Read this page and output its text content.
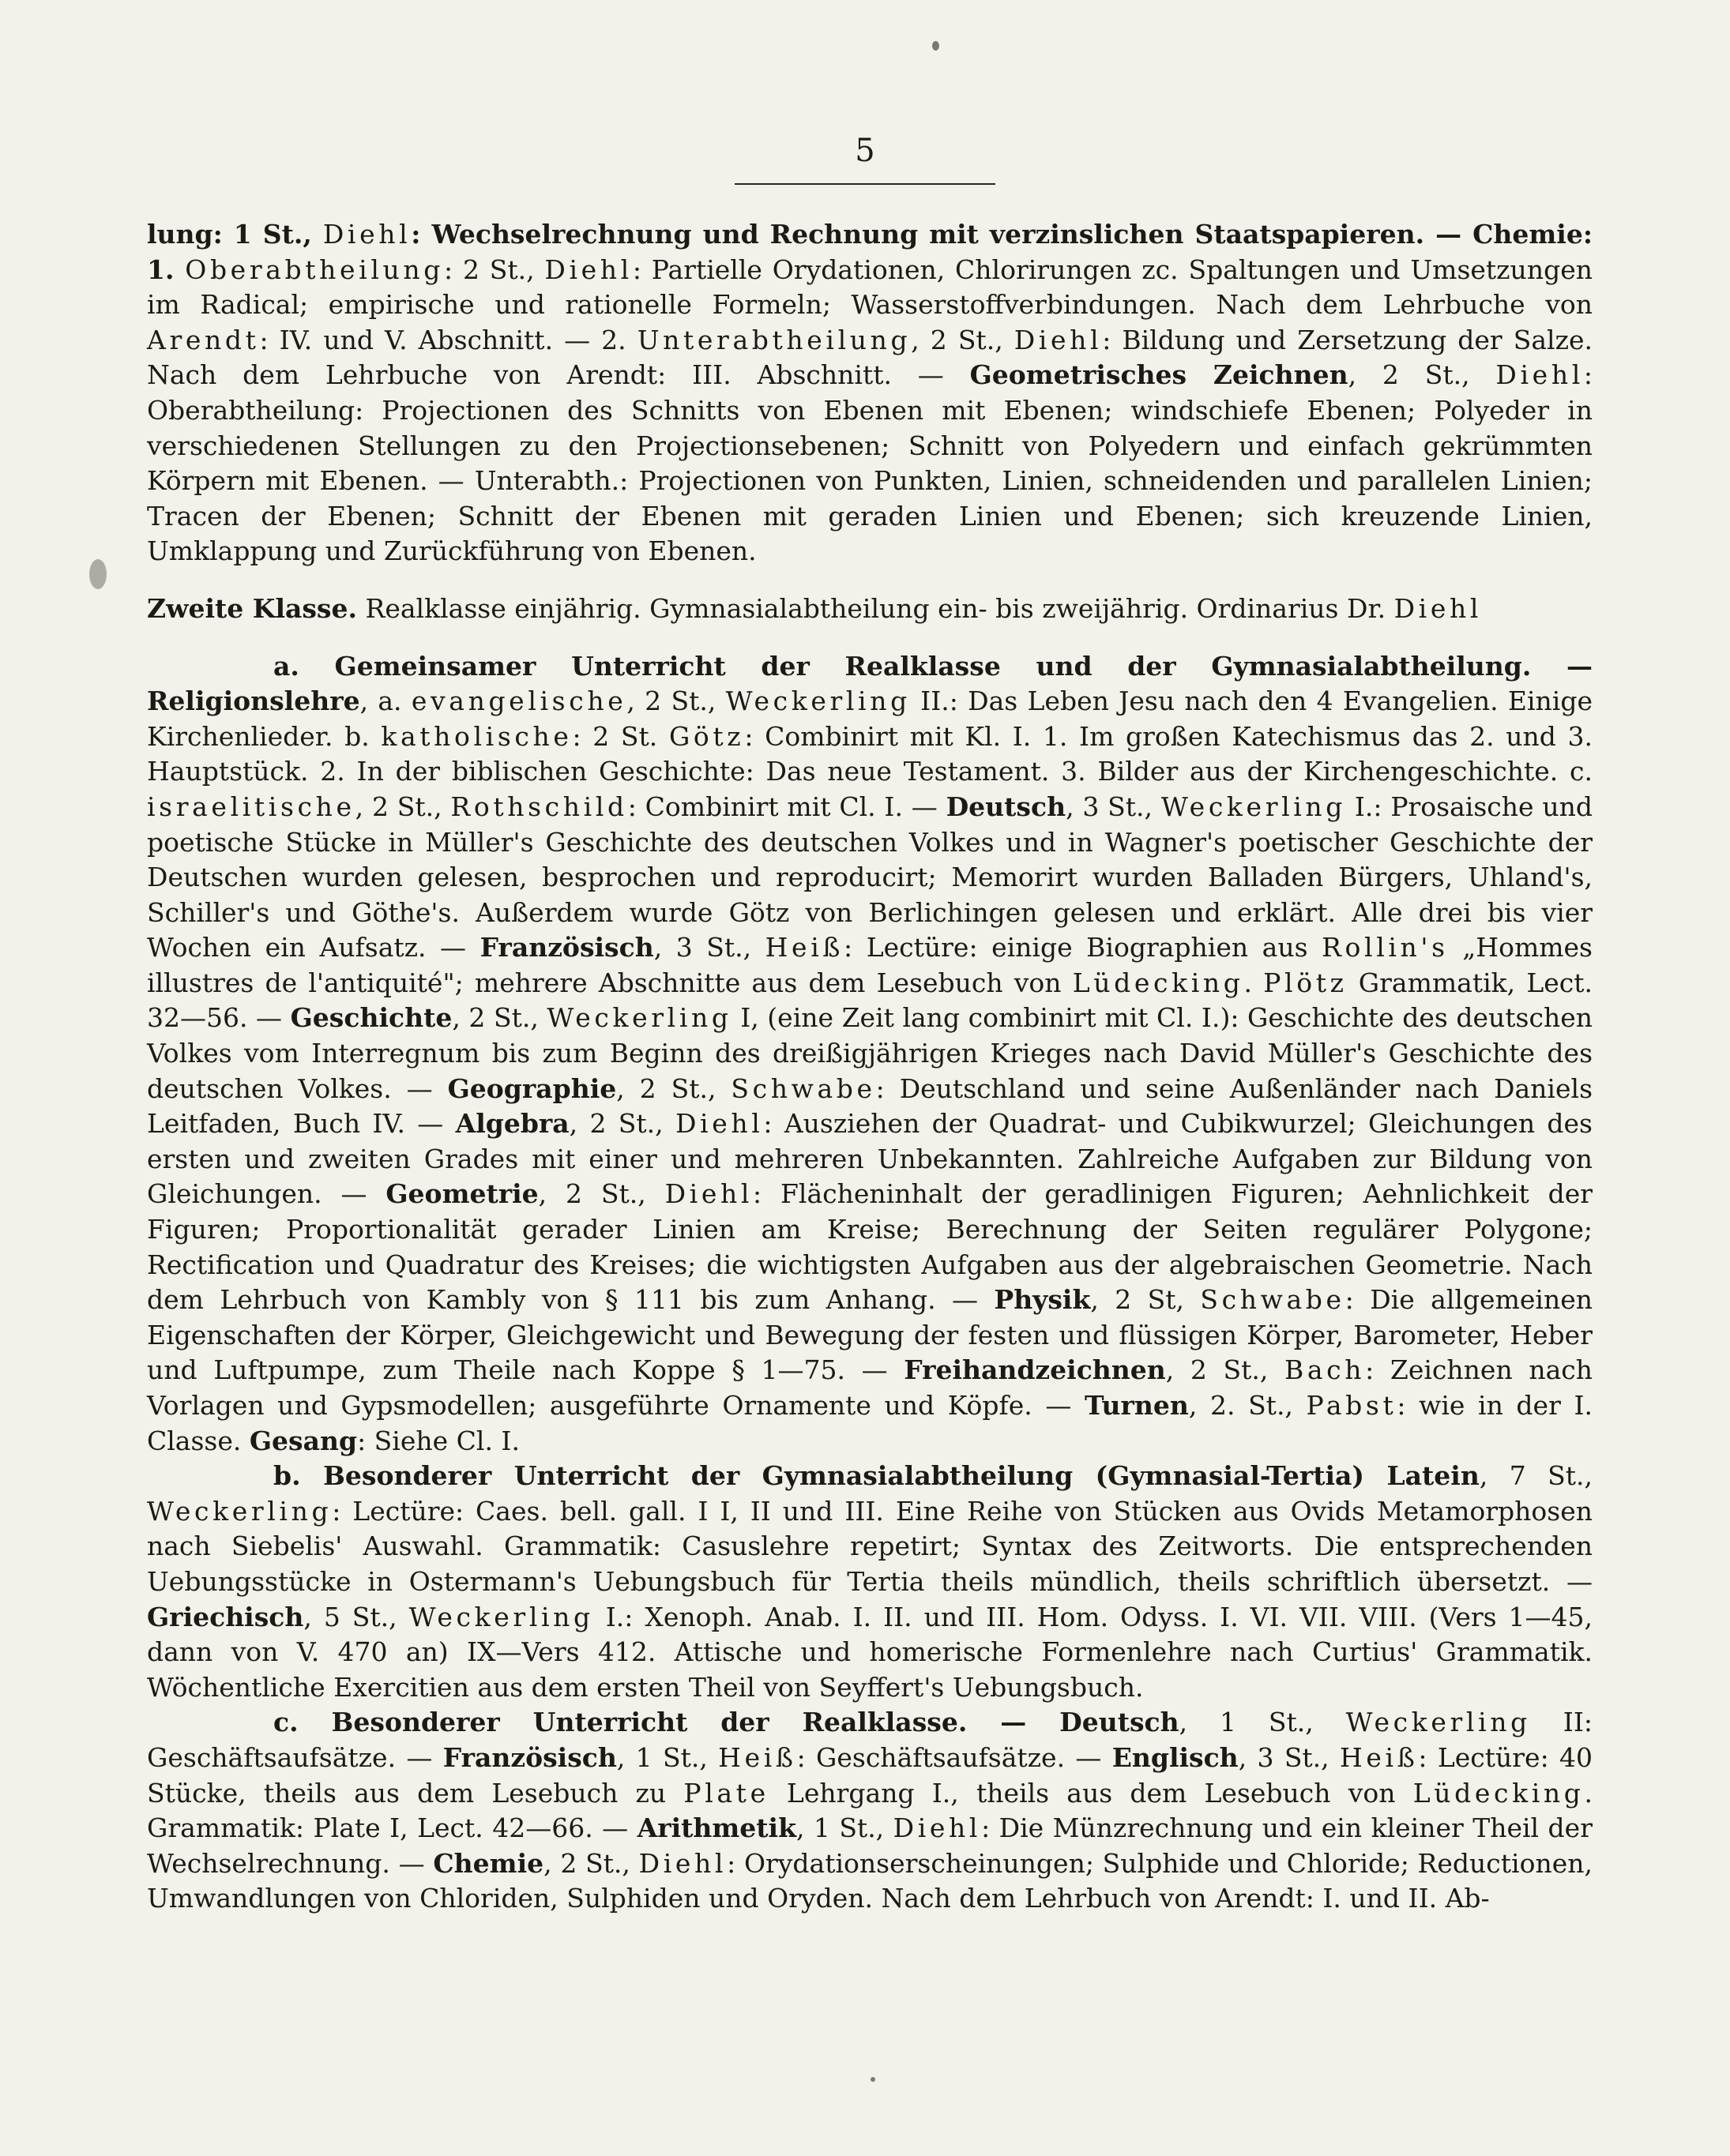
5

lung: 1 St., Diehl: Wechselrechnung und Rechnung mit verzinslichen Staatspapieren. — Chemie: 1. Oberabtheilung: 2 St., Diehl: Partielle Orydationen, Chlorirungen zc. Spaltungen und Umsetzungen im Radical; empirische und rationelle Formeln; Wasserstoffverbindungen. Nach dem Lehrbuche von Arendt: IV. und V. Abschnitt. — 2. Unterabtheilung, 2 St., Diehl: Bildung und Zersetzung der Salze. Nach dem Lehrbuche von Arendt: III. Abschnitt. — Geometrisches Zeichnen, 2 St., Diehl: Oberabtheilung: Projectionen des Schnitts von Ebenen mit Ebenen; windschiefe Ebenen; Polyeder in verschiedenen Stellungen zu den Projectionsebenen; Schnitt von Polyedern und einfach gekrümmten Körpern mit Ebenen. — Unterabth.: Projectionen von Punkten, Linien, schneidenden und parallelen Linien; Tracen der Ebenen; Schnitt der Ebenen mit geraden Linien und Ebenen; sich kreuzende Linien, Umklappung und Zurückführung von Ebenen.

Zweite Klasse. Realklasse einjährig. Gymnasialabtheilung ein- bis zweijährig. Ordinarius Dr. Diehl

a. Gemeinsamer Unterricht der Realklasse und der Gymnasialabtheilung. — Religionslehre, a. evangelische, 2 St., Weckerling II.: Das Leben Jesu nach den 4 Evangelien. Einige Kirchenlieder. b. katholische: 2 St. Götz: Combinirt mit Kl. I. 1. Im großen Katechismus das 2. und 3. Hauptstück. 2. In der biblischen Geschichte: Das neue Testament. 3. Bilder aus der Kirchengeschichte. c. israelitische, 2 St., Rothschild: Combinirt mit Cl. I. — Deutsch, 3 St., Weckerling I.: Prosaische und poetische Stücke in Müller's Geschichte des deutschen Volkes und in Wagner's poetischer Geschichte der Deutschen wurden gelesen, besprochen und reproducirt; Memorirt wurden Balladen Bürgers, Uhland's, Schiller's und Göthe's. Außerdem wurde Götz von Berlichingen gelesen und erklärt. Alle drei bis vier Wochen ein Aufsatz. — Französisch, 3 St., Heiß: Lectüre: einige Biographien aus Rollin's „Hommes illustres de l'antiquité"; mehrere Abschnitte aus dem Lesebuch von Lüdecking. Plötz Grammatik, Lect. 32—56. — Geschichte, 2 St., Weckerling I, (eine Zeit lang combinirt mit Cl. I.): Geschichte des deutschen Volkes vom Interregnum bis zum Beginn des dreißigjährigen Krieges nach David Müller's Geschichte des deutschen Volkes. — Geographie, 2 St., Schwabe: Deutschland und seine Außenländer nach Daniels Leitfaden, Buch IV. — Algebra, 2 St., Diehl: Ausziehen der Quadrat- und Cubikwurzel; Gleichungen des ersten und zweiten Grades mit einer und mehreren Unbekannten. Zahlreiche Aufgaben zur Bildung von Gleichungen. — Geometrie, 2 St., Diehl: Flächeninhalt der geradlinigen Figuren; Aehnlichkeit der Figuren; Proportionalität gerader Linien am Kreise; Berechnung der Seiten regulärer Polygone; Rectification und Quadratur des Kreises; die wichtigsten Aufgaben aus der algebraischen Geometrie. Nach dem Lehrbuch von Kambly von § 111 bis zum Anhang. — Physik, 2 St, Schwabe: Die allgemeinen Eigenschaften der Körper, Gleichgewicht und Bewegung der festen und flüssigen Körper, Barometer, Heber und Luftpumpe, zum Theile nach Koppe § 1—75. — Freihandzeichnen, 2 St., Bach: Zeichnen nach Vorlagen und Gypsmodellen; ausgeführte Ornamente und Köpfe. — Turnen, 2. St., Pabst: wie in der I. Classe. Gesang: Siehe Cl. I.

b. Besonderer Unterricht der Gymnasialabtheilung (Gymnasial-Tertia) Latein, 7 St., Weckerling: Lectüre: Caes. bell. gall. I I, II und III. Eine Reihe von Stücken aus Ovids Metamorphosen nach Siebelis' Auswahl. Grammatik: Casuslehre repetirt; Syntax des Zeitworts. Die entsprechenden Uebungsstücke in Ostermann's Uebungsbuch für Tertia theils mündlich, theils schriftlich übersetzt. — Griechisch, 5 St., Weckerling I.: Xenoph. Anab. I. II. und III. Hom. Odyss. I. VI. VII. VIII. (Vers 1—45, dann von V. 470 an) IX—Vers 412. Attische und homerische Formenlehre nach Curtius' Grammatik. Wöchentliche Exercitien aus dem ersten Theil von Seyffert's Uebungsbuch.

c. Besonderer Unterricht der Realklasse. — Deutsch, 1 St., Weckerling II: Geschäftsaufsätze. — Französisch, 1 St., Heiß: Geschäftsaufsätze. — Englisch, 3 St., Heiß: Lectüre: 40 Stücke, theils aus dem Lesebuch zu Plate Lehrgang I., theils aus dem Lesebuch von Lüdecking. Grammatik: Plate I, Lect. 42—66. — Arithmetik, 1 St., Diehl: Die Münzrechnung und ein kleiner Theil der Wechselrechnung. — Chemie, 2 St., Diehl: Orydationserscheinungen; Sulphide und Chloride; Reductionen, Umwandlungen von Chloriden, Sulphiden und Oryden. Nach dem Lehrbuch von Arendt: I. und II. Ab-
